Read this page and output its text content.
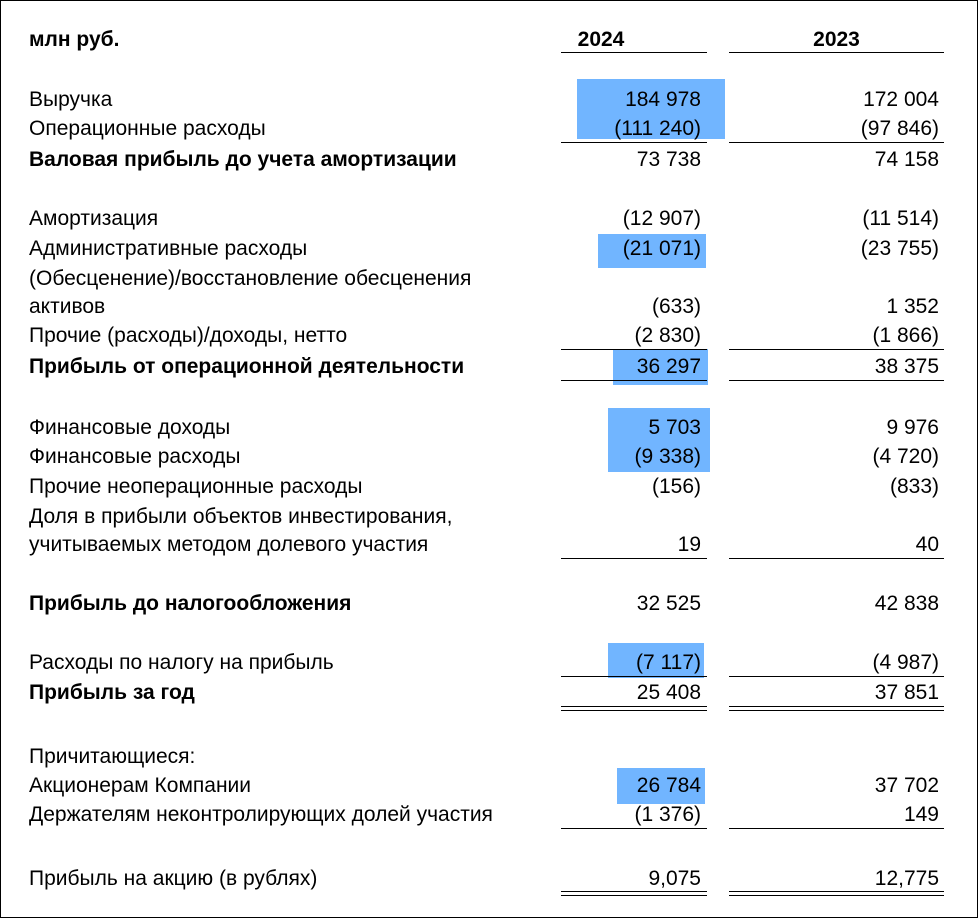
млн руб.	2024	2023
Выручка	184 978	172 004
Операционные расходы	(111 240)	(97 846)
Валовая прибыль до учета амортизации	73 738	74 158
Амортизация	(12 907)	(11 514)
Административные расходы	(21 071)	(23 755)
(Обесценение)/восстановление обесценения
активов	(633)	1 352
Прочие (расходы)/доходы, нетто	(2 830)	(1 866)
Прибыль от операционной деятельности	36 297	38 375
Финансовые доходы	5 703	9 976
Финансовые расходы	(9 338)	(4 720)
Прочие неоперационные расходы	(156)	(833)
Доля в прибыли объектов инвестирования,
учитываемых методом долевого участия	19	40
Прибыль до налогообложения	32 525	42 838
Расходы по налогу на прибыль	(7 117)	(4 987)
Прибыль за год	25 408	37 851
Причитающиеся:
Акционерам Компании	26 784	37 702
Держателям неконтролирующих долей участия	(1 376)	149
Прибыль на акцию (в рублях)	9,075	12,775
